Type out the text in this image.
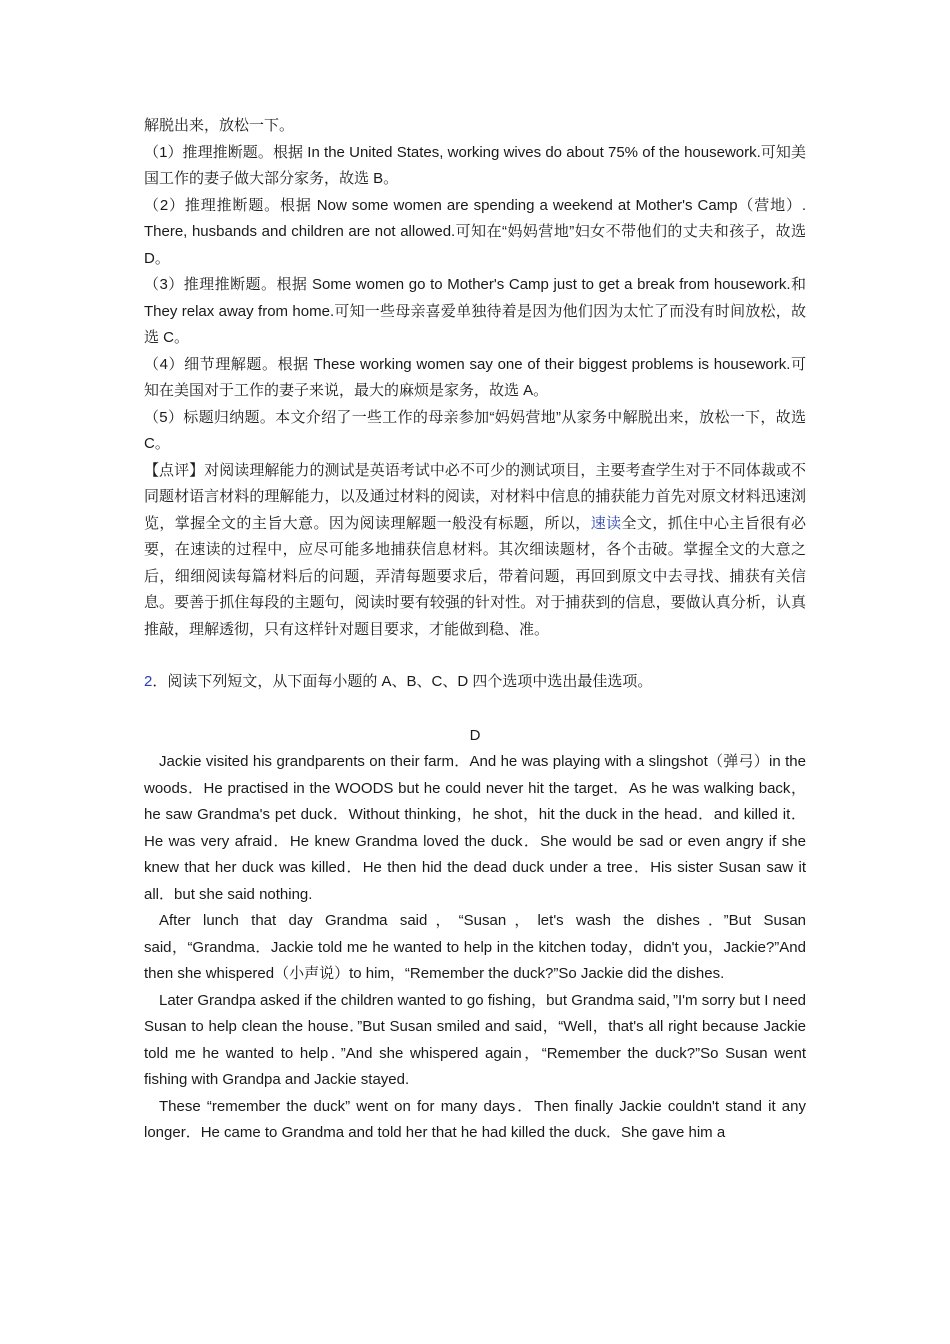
解脱出来，放松一下。

（1）推理推断题。根据 In the United States, working wives do about 75% of the housework.可知美国工作的妻子做大部分家务，故选 B。

（2）推理推断题。根据 Now some women are spending a weekend at Mother's Camp（营地）. There, husbands and children are not allowed.可知在“妈妈营地”妇女不带他们的丈夫和孩子，故选 D。

（3）推理推断题。根据 Some women go to Mother's Camp just to get a break from housework.和 They relax away from home.可知一些母亲喜爱单独待着是因为他们因为太忙了而没有时间放松，故选 C。

（4）细节理解题。根据 These working women say one of their biggest problems is housework.可知在美国对于工作的妻子来说，最大的麻烦是家务，故选 A。

（5）标题归纳题。本文介绍了一些工作的母亲参加“妈妈营地”从家务中解脱出来，放松一下，故选 C。

【点评】对阅读理解能力的测试是英语考试中必不可少的测试项目，主要考查学生对于不同体裁或不同题材语言材料的理解能力，以及通过材料的阅读，对材料中信息的捕获能力首先对原文材料迅速浏览，掌握全文的主旨大意。因为阅读理解题一般没有标题，所以，速读全文，抓住中心主旨很有必要，在速读的过程中，应尽可能多地捕获信息材料。其次细读题材，各个击破。掌握全文的大意之后，细细阅读每篇材料后的问题，弄清每题要求后，带着问题，再回到原文中去寻找、捕获有关信息。要善于抓住每段的主题句，阅读时要有较强的针对性。对于捕获到的信息，要做认真分析，认真推敲，理解透彻，只有这样针对题目要求，才能做到稳、准。

2．阅读下列短文，从下面每小题的 A、B、C、D 四个选项中选出最佳选项。

D

Jackie visited his grandparents on their farm．And he was playing with a slingshot（弹弓）in the woods．He practised in the WOODS but he could never hit the target．As he was walking back，he saw Grandma's pet duck．Without thinking，he shot，hit the duck in the head．and killed it．He was very afraid．He knew Grandma loved the duck．She would be sad or even angry if she knew that her duck was killed．He then hid the dead duck under a tree．His sister Susan saw it all．but she said nothing.

After lunch that day Grandma said，“Susan，let's wash the dishes．”But Susan said，“Grandma．Jackie told me he wanted to help in the kitchen today，didn't you，Jackie?”And then she whispered（小声说）to him，“Remember the duck?”So Jackie did the dishes.

Later Grandpa asked if the children wanted to go fishing，but Grandma said，”I'm sorry but I need Susan to help clean the house．”But Susan smiled and said，“Well，that's all right because Jackie told me he wanted to help．”And she whispered again，“Remember the duck?”So Susan went fishing with Grandpa and Jackie stayed.

These “remember the duck” went on for many days．Then finally Jackie couldn't stand it any longer．He came to Grandma and told her that he had killed the duck．She gave him a
